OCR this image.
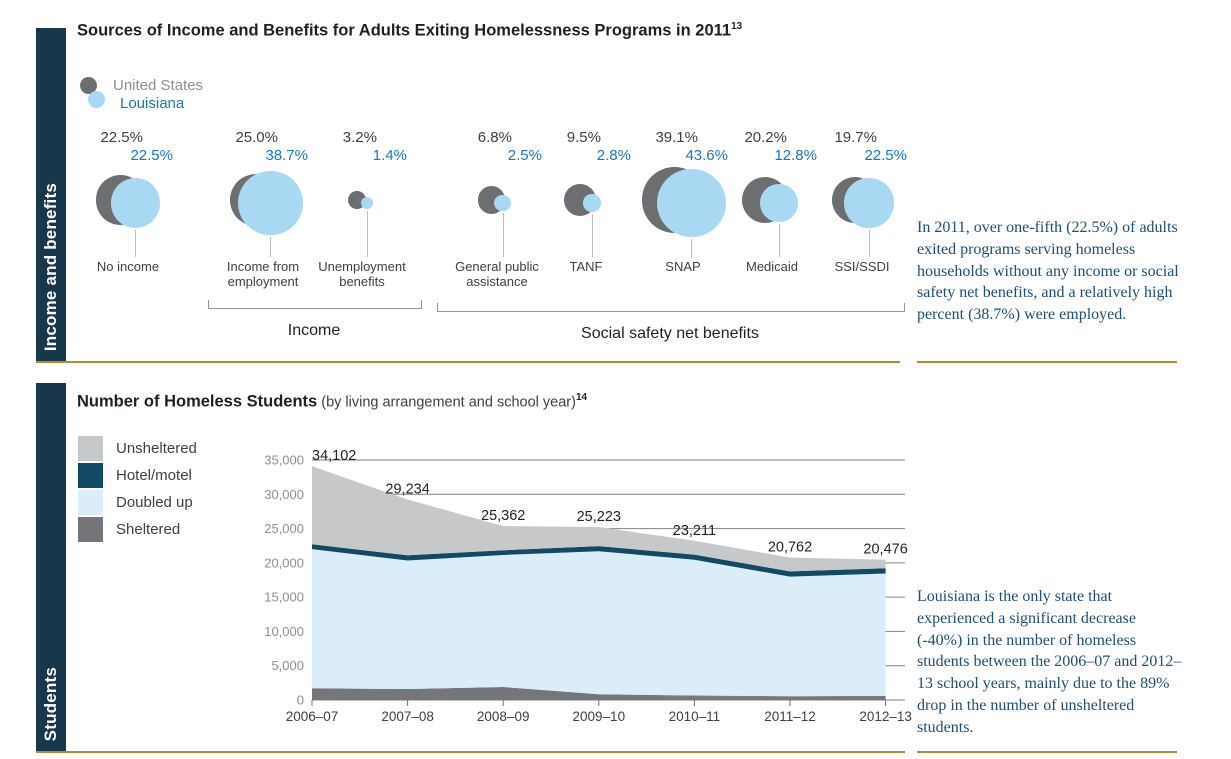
Income and benefits
Sources of Income and Benefits for Adults Exiting Homelessness Programs in 2011$^{13}$
United States
Louisiana
22.5%
22.5%
No income
25.0%
38.7%
Income from employment
3.2%
1.4%
Unemployment benefits
6.8%
2.5%
General public assistance
9.5%
2.8%
TANF
39.1%
43.6%
SNAP
20.2%
12.8%
Medicaid
19.7%
22.5%
SSI/SSDI
Income	Social safety net benefits
In 2011, over one-fifth (22.5%) of adults exited programs serving homeless households without any income or social safety net benefits, and a relatively high percent (38.7%) were employed.
Students
Number of Homeless Students (by living arrangement and school year)$^{14}$
Unsheltered
Hotel/motel
Doubled up
Sheltered
35,000
30,000
25,000
20,000
15,000
10,000
5,000
0
2006–07	2007–08	2008–09	2009–10	2010–11	2011–12	2012–13
34,102
29,234
25,362	25,223
23,211
20,762	20,476
Louisiana is the only state that experienced a significant decrease (-40%) in the number of homeless students between the 2006–07 and 2012–13 school years, mainly due to the 89% drop in the number of unsheltered students.
